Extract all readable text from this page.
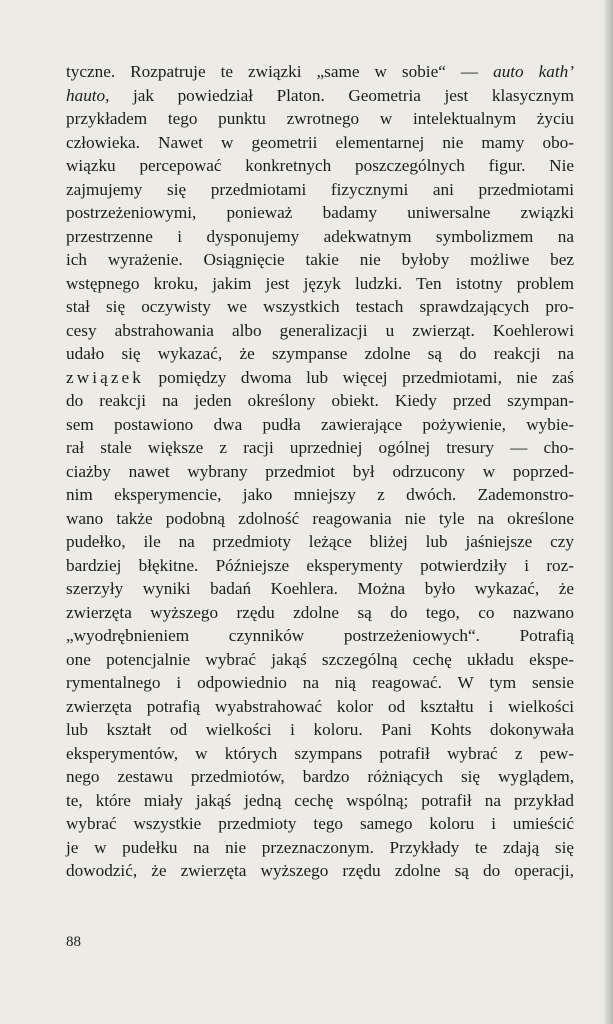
tyczne. Rozpatruje te związki „same w sobie“ — auto kath’
hauto, jak powiedział Platon. Geometria jest klasycznym
przykładem tego punktu zwrotnego w intelektualnym życiu
człowieka. Nawet w geometrii elementarnej nie mamy obo-
wiązku percepować konkretnych poszczególnych figur. Nie
zajmujemy się przedmiotami fizycznymi ani przedmiotami
postrzeżeniowymi, ponieważ badamy uniwersalne związki
przestrzenne i dysponujemy adekwatnym symbolizmem na
ich wyrażenie. Osiągnięcie takie nie byłoby możliwe bez
wstępnego kroku, jakim jest język ludzki. Ten istotny problem
stał się oczywisty we wszystkich testach sprawdzających pro-
cesy abstrahowania albo generalizacji u zwierząt. Koehlerowi
udało się wykazać, że szympanse zdolne są do reakcji na
związek pomiędzy dwoma lub więcej przedmiotami, nie zaś
do reakcji na jeden określony obiekt. Kiedy przed szympan-
sem postawiono dwa pudła zawierające pożywienie, wybie-
rał stale większe z racji uprzedniej ogólnej tresury — cho-
ciażby nawet wybrany przedmiot był odrzucony w poprzed-
nim eksperymencie, jako mniejszy z dwóch. Zademonstro-
wano także podobną zdolność reagowania nie tyle na określone
pudełko, ile na przedmioty leżące bliżej lub jaśniejsze czy
bardziej błękitne. Późniejsze eksperymenty potwierdziły i roz-
szerzyły wyniki badań Koehlera. Można było wykazać, że
zwierzęta wyższego rzędu zdolne są do tego, co nazwano
„wyodrębnieniem czynników postrzeżeniowych“. Potrafią
one potencjalnie wybrać jakąś szczególną cechę układu ekspe-
rymentalnego i odpowiednio na nią reagować. W tym sensie
zwierzęta potrafią wyabstrahować kolor od kształtu i wielkości
lub kształt od wielkości i koloru. Pani Kohts dokonywała
eksperymentów, w których szympans potrafił wybrać z pew-
nego zestawu przedmiotów, bardzo różniących się wyglądem,
te, które miały jakąś jedną cechę wspólną; potrafił na przykład
wybrać wszystkie przedmioty tego samego koloru i umieścić
je w pudełku na nie przeznaczonym. Przykłady te zdają się
dowodzić, że zwierzęta wyższego rzędu zdolne są do operacji,
88
